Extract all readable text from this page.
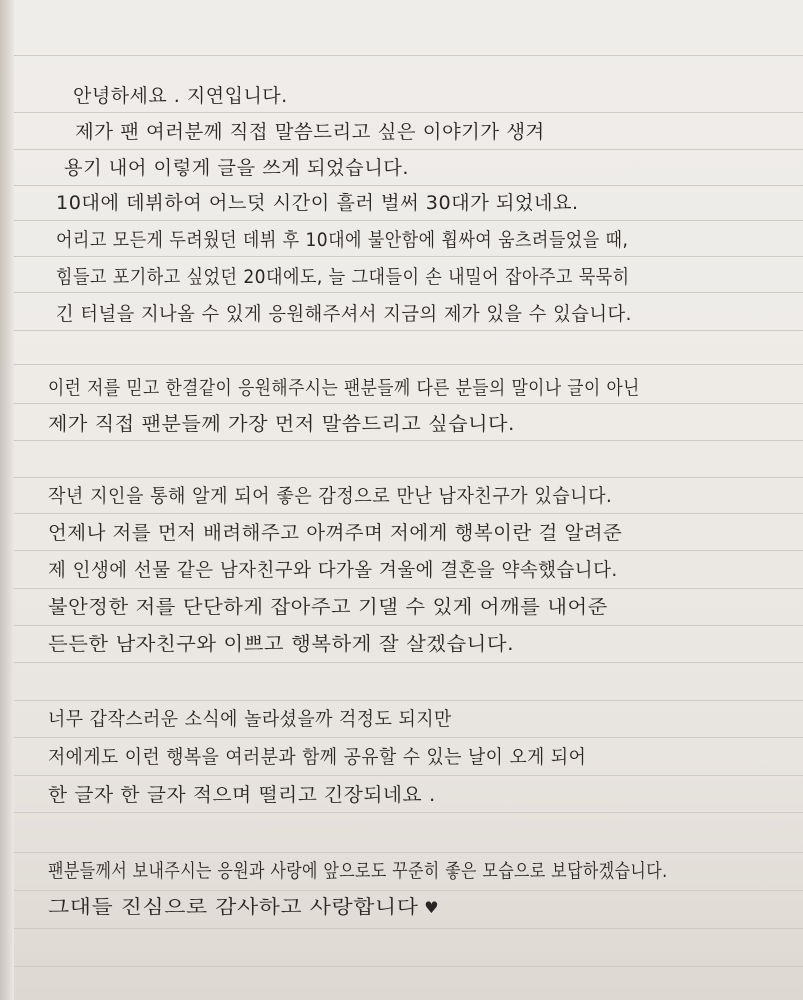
안녕하세요 . 지연입니다.
제가 팬 여러분께 직접 말씀드리고 싶은 이야기가 생겨
용기 내어 이렇게 글을 쓰게 되었습니다.
10대에 데뷔하여 어느덧 시간이 흘러 벌써 30대가 되었네요.
어리고 모든게 두려웠던 데뷔 후 10대에 불안함에 휩싸여 움츠려들었을 때,
힘들고 포기하고 싶었던 20대에도, 늘 그대들이 손 내밀어 잡아주고 묵묵히
긴 터널을 지나올 수 있게 응원해주셔서 지금의 제가 있을 수 있습니다.
이런 저를 믿고 한결같이 응원해주시는 팬분들께 다른 분들의 말이나 글이 아닌
제가 직접 팬분들께 가장 먼저 말씀드리고 싶습니다.
작년 지인을 통해 알게 되어 좋은 감정으로 만난 남자친구가 있습니다.
언제나 저를 먼저 배려해주고 아껴주며 저에게 행복이란 걸 알려준
제 인생에 선물 같은 남자친구와 다가올 겨울에 결혼을 약속했습니다.
불안정한 저를 단단하게 잡아주고 기댈 수 있게 어깨를 내어준
든든한 남자친구와 이쁘고 행복하게 잘 살겠습니다.
너무 갑작스러운 소식에 놀라셨을까 걱정도 되지만
저에게도 이런 행복을 여러분과 함께 공유할 수 있는 날이 오게 되어
한 글자 한 글자 적으며 떨리고 긴장되네요 .
팬분들께서 보내주시는 응원과 사랑에 앞으로도 꾸준히 좋은 모습으로 보답하겠습니다.
그대들 진심으로 감사하고 사랑합니다 ♥
